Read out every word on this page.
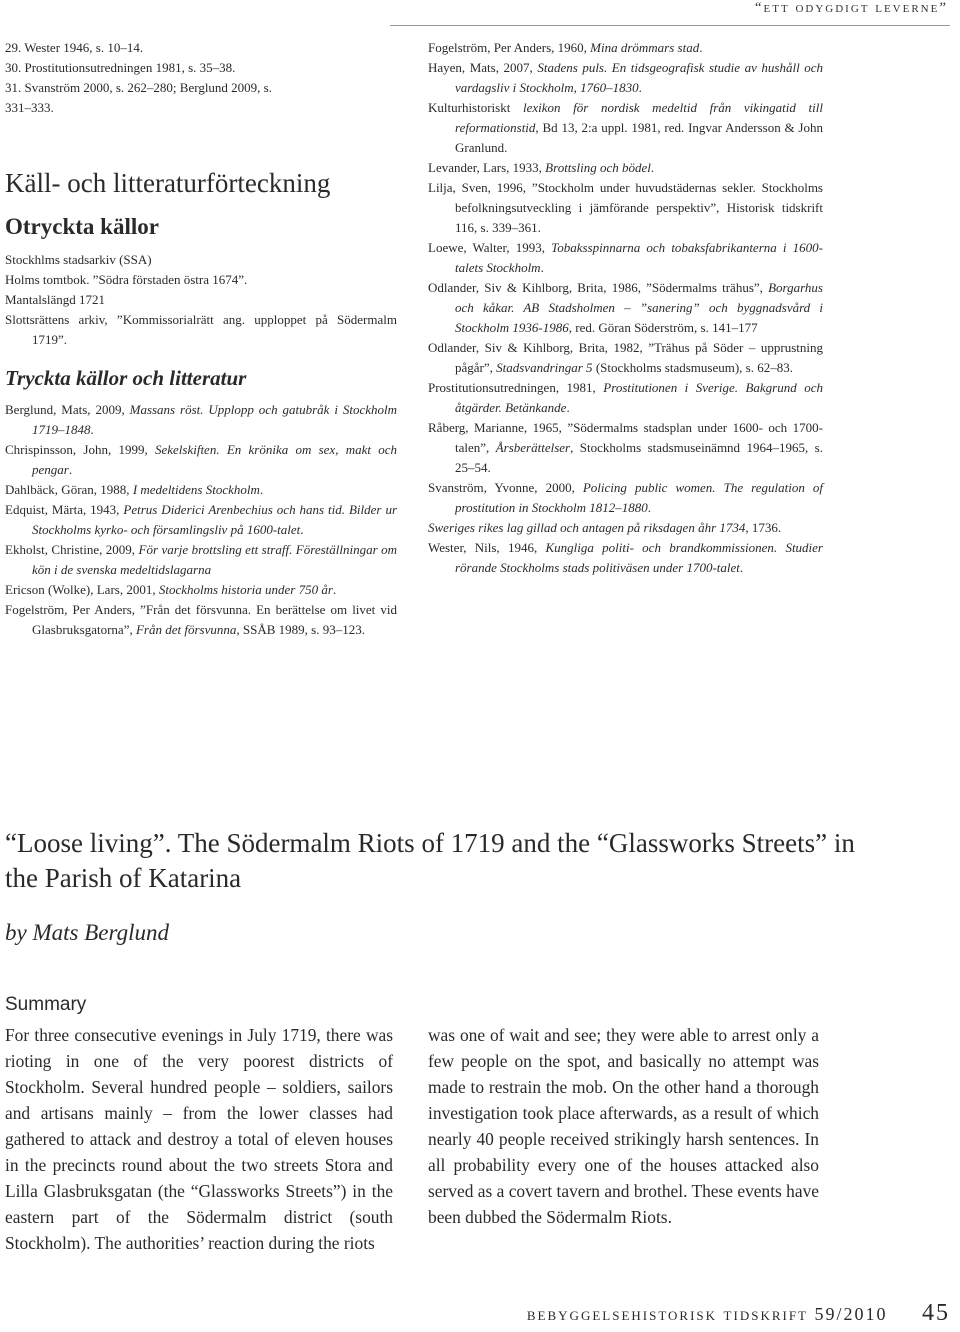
“ett odygdigt leverne”

29. Wester 1946, s. 10–14.

30. Prostitutionsutredningen 1981, s. 35–38.

31. Svanström 2000, s. 262–280; Berglund 2009, s.

331–333.

Käll- och litteraturförteckning
Otryckta källor

Stockhlms stadsarkiv (SSA)

Holms tomtbok. ”Södra förstaden östra 1674”.

Mantalslängd 1721

Slottsrättens arkiv, ”Kommissorialrätt ang. upploppet på Södermalm 1719”.

Tryckta källor och litteratur

Berglund, Mats, 2009, Massans röst. Upplopp och gatubråk i Stockholm 1719–1848.

Chrispinsson, John, 1999, Sekelskiften. En krönika om sex, makt och pengar.

Dahlbäck, Göran, 1988, I medeltidens Stockholm.

Edquist, Märta, 1943, Petrus Diderici Arenbechius och hans tid. Bilder ur Stockholms kyrko- och församlingsliv på 1600-talet.

Ekholst, Christine, 2009, För varje brottsling ett straff. Föreställningar om kön i de svenska medeltidslagarna

Ericson (Wolke), Lars, 2001, Stockholms historia under 750 år.

Fogelström, Per Anders, ”Från det försvunna. En berättelse om livet vid Glasbruksgatorna”, Från det försvunna, SSÅB 1989, s. 93–123.

Fogelström, Per Anders, 1960, Mina drömmars stad.

Hayen, Mats, 2007, Stadens puls. En tidsgeografisk studie av hushåll och vardagsliv i Stockholm, 1760–1830.

Kulturhistoriskt lexikon för nordisk medeltid från vikingatid till reformationstid, Bd 13, 2:a uppl. 1981, red. Ingvar Andersson & John Granlund.

Levander, Lars, 1933, Brottsling och bödel.

Lilja, Sven, 1996, ”Stockholm under huvudstädernas sekler. Stockholms befolkningsutveckling i jämförande perspektiv”, Historisk tidskrift 116, s. 339–361.

Loewe, Walter, 1993, Tobaksspinnarna och tobaksfabrikanterna i 1600-talets Stockholm.

Odlander, Siv & Kihlborg, Brita, 1986, ”Södermalms trähus”, Borgarhus och kåkar. AB Stadsholmen – ”sanering” och byggnadsvård i Stockholm 1936-1986, red. Göran Söderström, s. 141–177

Odlander, Siv & Kihlborg, Brita, 1982, ”Trähus på Söder – upprustning pågår”, Stadsvandringar 5 (Stockholms stadsmuseum), s. 62–83.

Prostitutionsutredningen, 1981, Prostitutionen i Sverige. Bakgrund och åtgärder. Betänkande.

Råberg, Marianne, 1965, ”Södermalms stadsplan under 1600- och 1700-talen”, Årsberättelser, Stockholms stadsmuseinämnd 1964–1965, s. 25–54.

Svanström, Yvonne, 2000, Policing public women. The regulation of prostitution in Stockholm 1812–1880.

Sweriges rikes lag gillad och antagen på riksdagen åhr 1734, 1736.

Wester, Nils, 1946, Kungliga politi- och brandkommissionen. Studier rörande Stockholms stads politiväsen under 1700-talet.

“Loose living”. The Södermalm Riots of 1719 and the “Glassworks Streets” in the Parish of Katarina
by Mats Berglund
Summary
For three consecutive evenings in July 1719, there was rioting in one of the very poorest districts of Stockholm. Several hundred people – soldiers, sailors and artisans mainly – from the lower classes had gathered to attack and destroy a total of eleven houses in the precincts round about the two streets Stora and Lilla Glasbruksgatan (the “Glassworks Streets”) in the eastern part of the Södermalm district (south Stockholm). The authorities’ reaction during the riots
was one of wait and see; they were able to arrest only a few people on the spot, and basically no attempt was made to restrain the mob. On the other hand a thorough investigation took place afterwards, as a result of which nearly 40 people received strikingly harsh sentences. In all probability every one of the houses attacked also served as a covert tavern and brothel. These events have been dubbed the Södermalm Riots.
bebyggelsehistorisk tidskrift 59/2010 45
